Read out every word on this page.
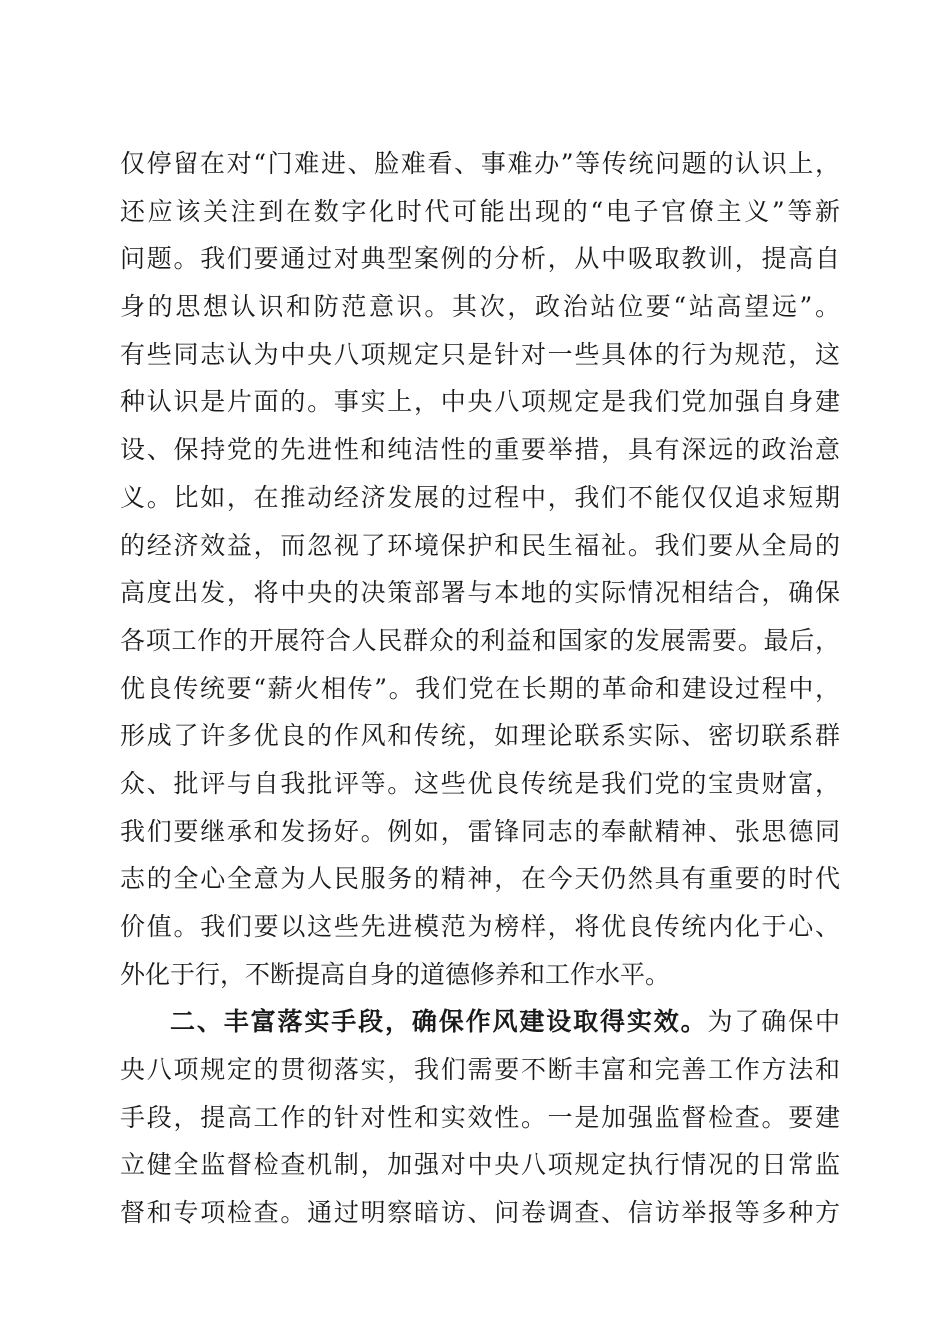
仅停留在对“门难进、脸难看、事难办”等传统问题的认识上，
还应该关注到在数字化时代可能出现的“电子官僚主义”等新
问题。我们要通过对典型案例的分析，从中吸取教训，提高自
身的思想认识和防范意识。其次，政治站位要“站高望远”。
有些同志认为中央八项规定只是针对一些具体的行为规范，这
种认识是片面的。事实上，中央八项规定是我们党加强自身建
设、保持党的先进性和纯洁性的重要举措，具有深远的政治意
义。比如，在推动经济发展的过程中，我们不能仅仅追求短期
的经济效益，而忽视了环境保护和民生福祉。我们要从全局的
高度出发，将中央的决策部署与本地的实际情况相结合，确保
各项工作的开展符合人民群众的利益和国家的发展需要。最后，
优良传统要“薪火相传”。我们党在长期的革命和建设过程中，
形成了许多优良的作风和传统，如理论联系实际、密切联系群
众、批评与自我批评等。这些优良传统是我们党的宝贵财富，
我们要继承和发扬好。例如，雷锋同志的奉献精神、张思德同
志的全心全意为人民服务的精神，在今天仍然具有重要的时代
价值。我们要以这些先进模范为榜样，将优良传统内化于心、
外化于行，不断提高自身的道德修养和工作水平。
二、丰富落实手段，确保作风建设取得实效。为了确保中
央八项规定的贯彻落实，我们需要不断丰富和完善工作方法和
手段，提高工作的针对性和实效性。一是加强监督检查。要建
立健全监督检查机制，加强对中央八项规定执行情况的日常监
督和专项检查。通过明察暗访、问卷调查、信访举报等多种方
